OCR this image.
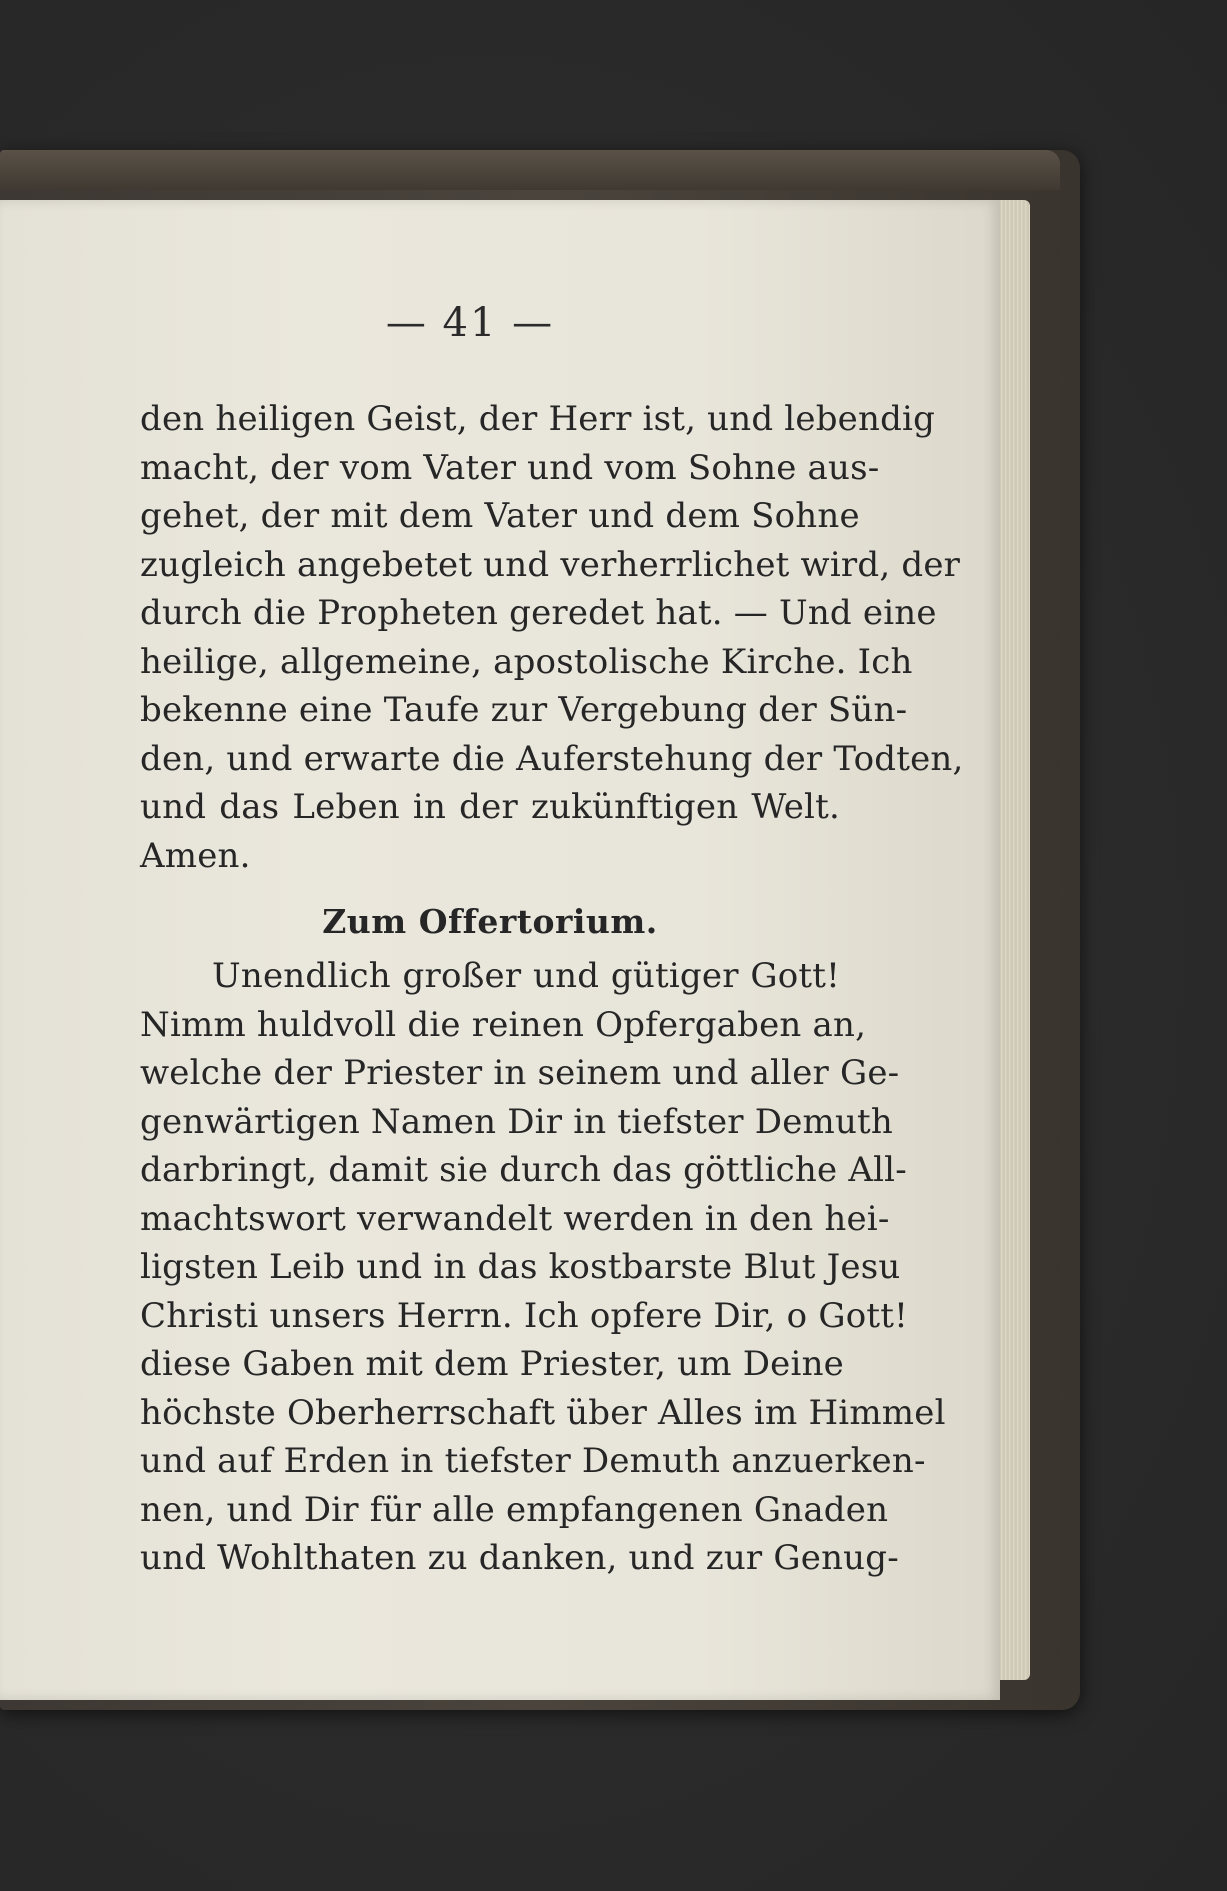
— 41 —
den heiligen Geist, der Herr ist, und lebendig
macht, der vom Vater und vom Sohne aus-
gehet, der mit dem Vater und dem Sohne
zugleich angebetet und verherrlichet wird, der
durch die Propheten geredet hat. — Und eine
heilige, allgemeine, apostolische Kirche. Ich
bekenne eine Taufe zur Vergebung der Sün-
den, und erwarte die Auferstehung der Todten,
und das Leben in der zukünftigen Welt.
Amen.
Zum Offertorium.
Unendlich großer und gütiger Gott!
Nimm huldvoll die reinen Opfergaben an,
welche der Priester in seinem und aller Ge-
genwärtigen Namen Dir in tiefster Demuth
darbringt, damit sie durch das göttliche All-
machtswort verwandelt werden in den hei-
ligsten Leib und in das kostbarste Blut Jesu
Christi unsers Herrn. Ich opfere Dir, o Gott!
diese Gaben mit dem Priester, um Deine
höchste Oberherrschaft über Alles im Himmel
und auf Erden in tiefster Demuth anzuerken-
nen, und Dir für alle empfangenen Gnaden
und Wohlthaten zu danken, und zur Genug-
